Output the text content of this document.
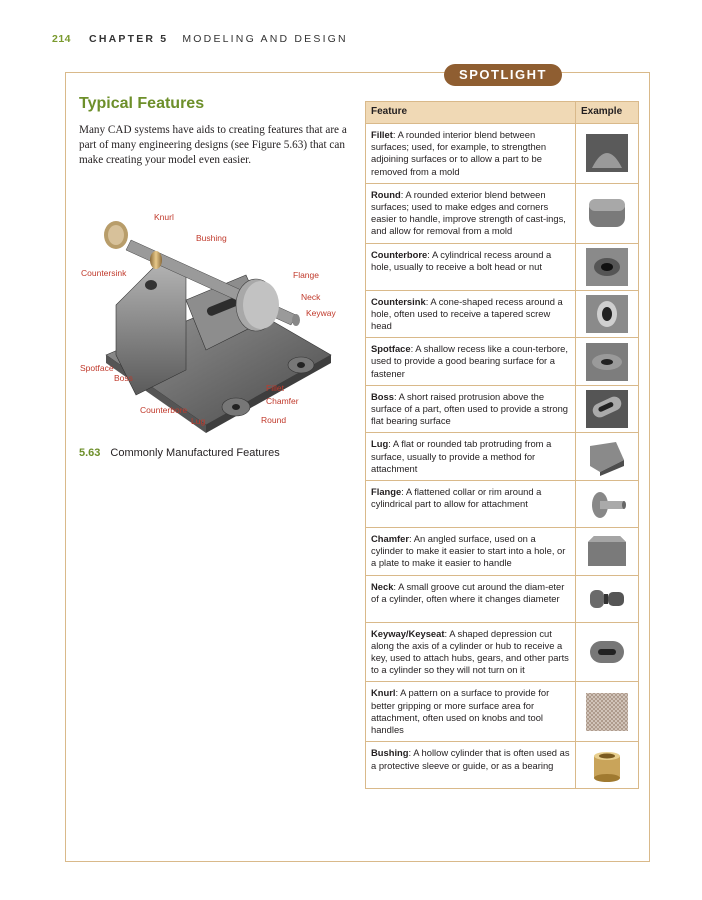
214 CHAPTER 5 MODELING AND DESIGN
SPOTLIGHT
Typical Features
Many CAD systems have aids to creating features that are a part of many engineering designs (see Figure 5.63) that can make creating your model even easier.
Knurl
Bushing
Countersink	Flange
Neck
Keyway
Spotface
Boss
Fillet
Chamfer
Counterbore
Lug	Round
5.63 Commonly Manufactured Features
Feature	Example
Fillet: A rounded interior blend between surfaces; used, for example, to strengthen adjoining surfaces or to allow a part to be removed from a mold	

Round: A rounded exterior blend between surfaces; used to make edges and corners easier to handle, improve strength of cast-ings, and allow for removal from a mold	

Counterbore: A cylindrical recess around a hole, usually to receive a bolt head or nut	

Countersink: A cone-shaped recess around a hole, often used to receive a tapered screw head	

Spotface: A shallow recess like a coun-terbore, used to provide a good bearing surface for a fastener	

Boss: A short raised protrusion above the surface of a part, often used to provide a strong flat bearing surface	

Lug: A flat or rounded tab protruding from a surface, usually to provide a method for attachment	

Flange: A flattened collar or rim around a cylindrical part to allow for attachment	

Chamfer: An angled surface, used on a cylinder to make it easier to start into a hole, or a plate to make it easier to handle	

Neck: A small groove cut around the diam-eter of a cylinder, often where it changes diameter	

Keyway/Keyseat: A shaped depression cut along the axis of a cylinder or hub to receive a key, used to attach hubs, gears, and other parts to a cylinder so they will not turn on it	

Knurl: A pattern on a surface to provide for better gripping or more surface area for attachment, often used on knobs and tool handles	

Bushing: A hollow cylinder that is often used as a protective sleeve or guide, or as a bearing	
